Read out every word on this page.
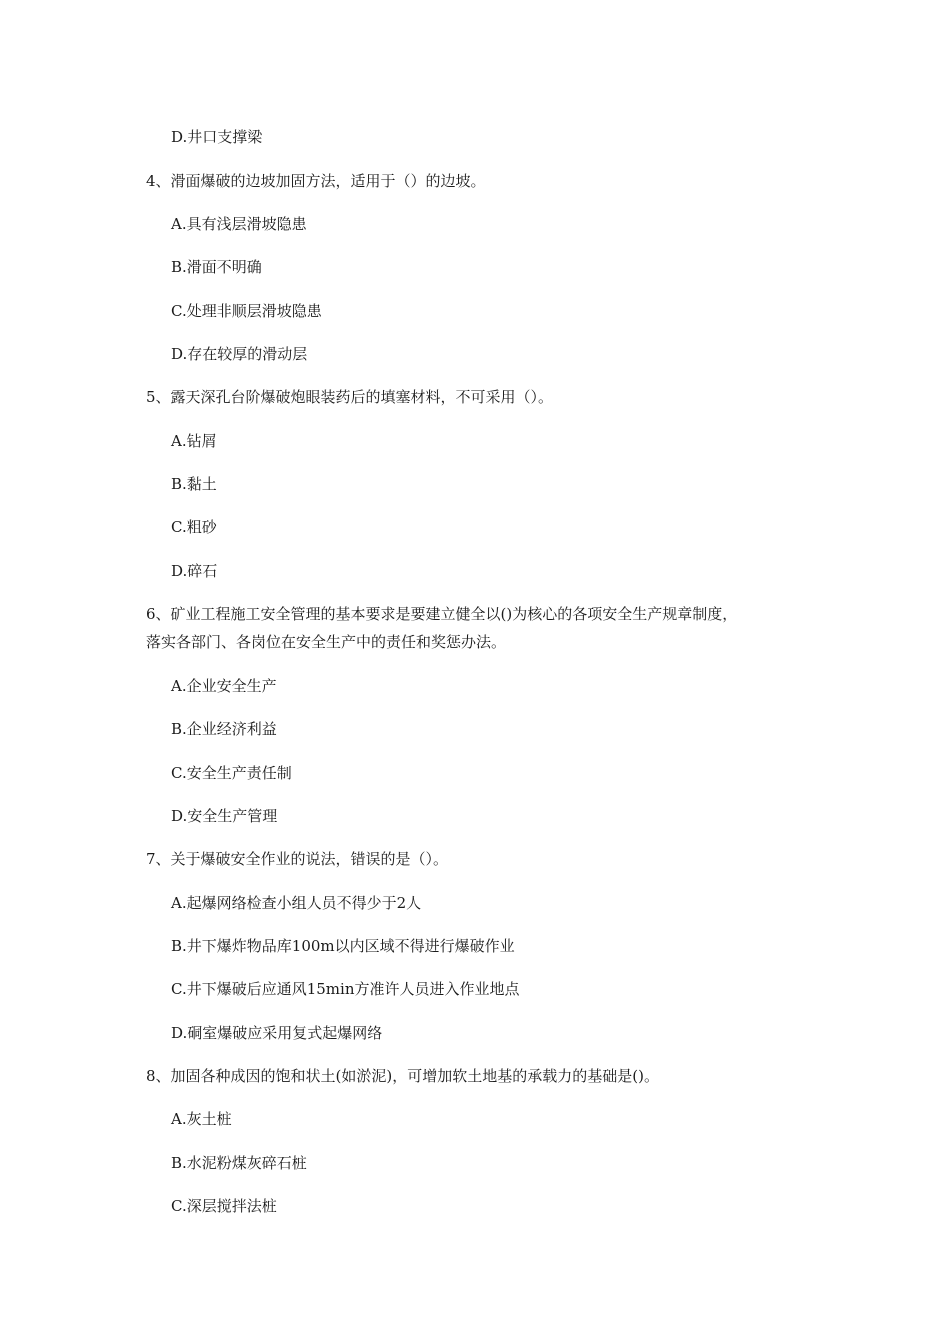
D.井口支撑梁
4、滑面爆破的边坡加固方法，适用于（）的边坡。
A.具有浅层滑坡隐患
B.滑面不明确
C.处理非顺层滑坡隐患
D.存在较厚的滑动层
5、露天深孔台阶爆破炮眼装药后的填塞材料，不可采用（）。
A.钻屑
B.黏土
C.粗砂
D.碎石
6、矿业工程施工安全管理的基本要求是要建立健全以()为核心的各项安全生产规章制度，
落实各部门、各岗位在安全生产中的责任和奖惩办法。
A.企业安全生产
B.企业经济利益
C.安全生产责任制
D.安全生产管理
7、关于爆破安全作业的说法，错误的是（）。
A.起爆网络检查小组人员不得少于2人
B.井下爆炸物品库100m以内区域不得进行爆破作业
C.井下爆破后应通风15min方准许人员进入作业地点
D.硐室爆破应采用复式起爆网络
8、加固各种成因的饱和状土(如淤泥)，可增加软土地基的承载力的基础是()。
A.灰土桩
B.水泥粉煤灰碎石桩
C.深层搅拌法桩
